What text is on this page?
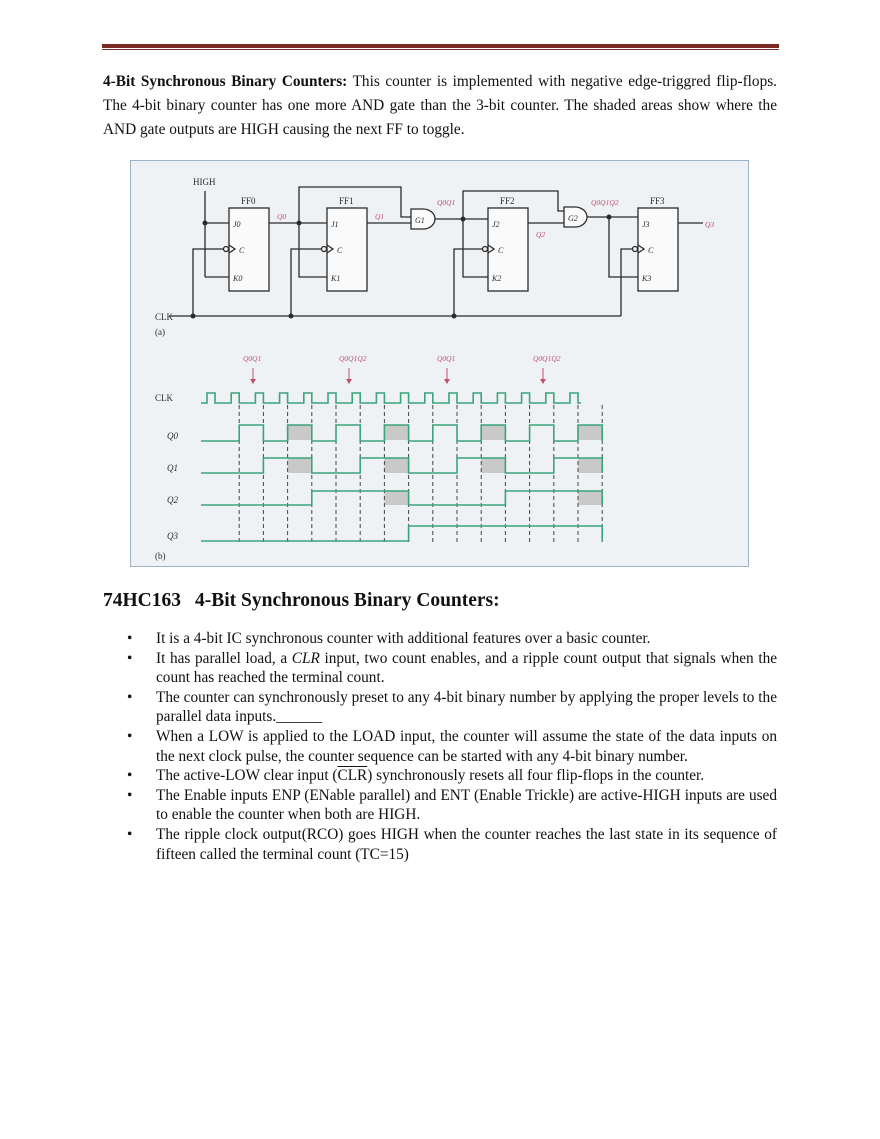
4-Bit Synchronous Binary Counters: This counter is implemented with negative edge-triggred flip-flops. The 4-bit binary counter has one more AND gate than the 3-bit counter. The shaded areas show where the AND gate outputs are HIGH causing the next FF to toggle.

HIGH
CLK
(a)
FF0	FF1	FF2	FF3
J0	J1	J2	J3
C	C	C	C
K0	K1	K2	K3
G1	G2
Q0	Q1
Q2
Q3
Q0Q1	Q0Q1Q2
CLK
Q0
Q1
Q2
Q3
(b)
Q0Q1	Q0Q1Q2	Q0Q1	Q0Q1Q2
74HC163 4-Bit Synchronous Binary Counters:
• It is a 4-bit IC synchronous counter with additional features over a basic counter.
• It has parallel load, a CLR input, two count enables, and a ripple count output that signals when the count has reached the terminal count.
• The counter can synchronously preset to any 4-bit binary number by applying the proper levels to the parallel data inputs.______
• When a LOW is applied to the LOAD input, the counter will assume the state of the data inputs on the next clock pulse, the counter sequence can be started with any 4-bit binary number.
• The active-LOW clear input $(\overline{CLR})$ synchronously resets all four flip-flops in the counter.
• The Enable inputs ENP (ENable parallel) and ENT (Enable Trickle) are active-HIGH inputs are used to enable the counter when both are HIGH.
• The ripple clock output(RCO) goes HIGH when the counter reaches the last state in its sequence of fifteen called the terminal count (TC=15)
